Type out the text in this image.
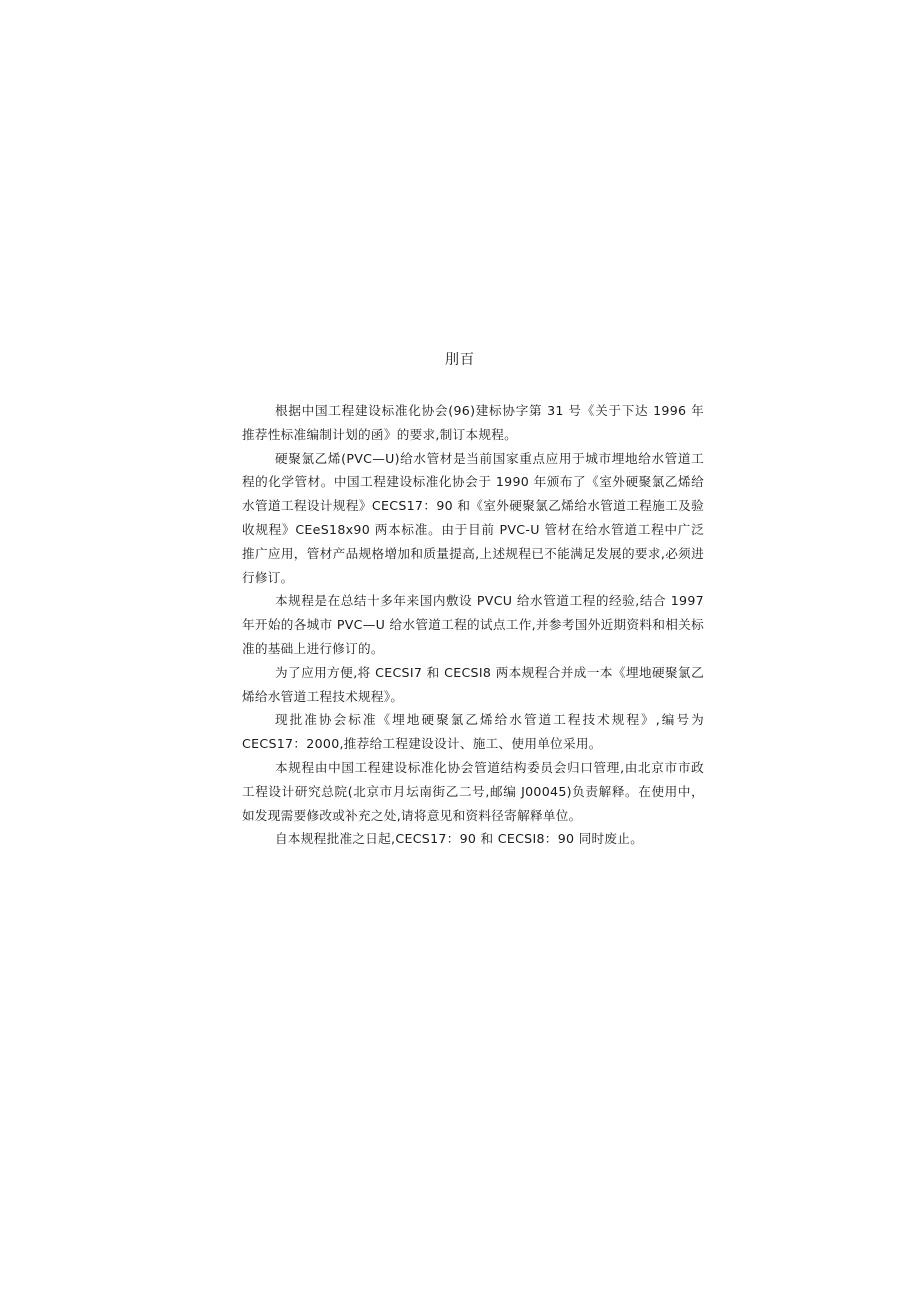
刖百

根据中国工程建设标准化协会(96)建标协字第 31 号《关于下达 1996 年推荐性标准编制计划的函》的要求,制订本规程。

硬聚氯乙烯(PVC—U)给水管材是当前国家重点应用于城市埋地给水管道工程的化学管材。中国工程建设标准化协会于 1990 年颁布了《室外硬聚氯乙烯给水管道工程设计规程》CECS17：90 和《室外硬聚氯乙烯给水管道工程施工及验收规程》CEeS18x90 两本标准。由于目前 PVC-U 管材在给水管道工程中广泛推广应用，管材产品规格增加和质量提高,上述规程已不能满足发展的要求,必须进行修订。

本规程是在总结十多年来国内敷设 PVCU 给水管道工程的经验,结合 1997 年开始的各城市 PVC—U 给水管道工程的试点工作,并参考国外近期资料和相关标准的基础上进行修订的。

为了应用方便,将 CECSI7 和 CECSI8 两本规程合并成一本《埋地硬聚氯乙烯给水管道工程技术规程》。

现批准协会标准《埋地硬聚氯乙烯给水管道工程技术规程》,编号为 CECS17：2000,推荐给工程建设设计、施工、使用单位采用。

本规程由中国工程建设标准化协会管道结构委员会归口管理,由北京市市政工程设计研究总院(北京市月坛南街乙二号,邮编 J00045)负责解释。在使用中，如发现需要修改或补充之处,请将意见和资料径寄解释单位。

自本规程批准之日起,CECS17：90 和 CECSI8：90 同时废止。
